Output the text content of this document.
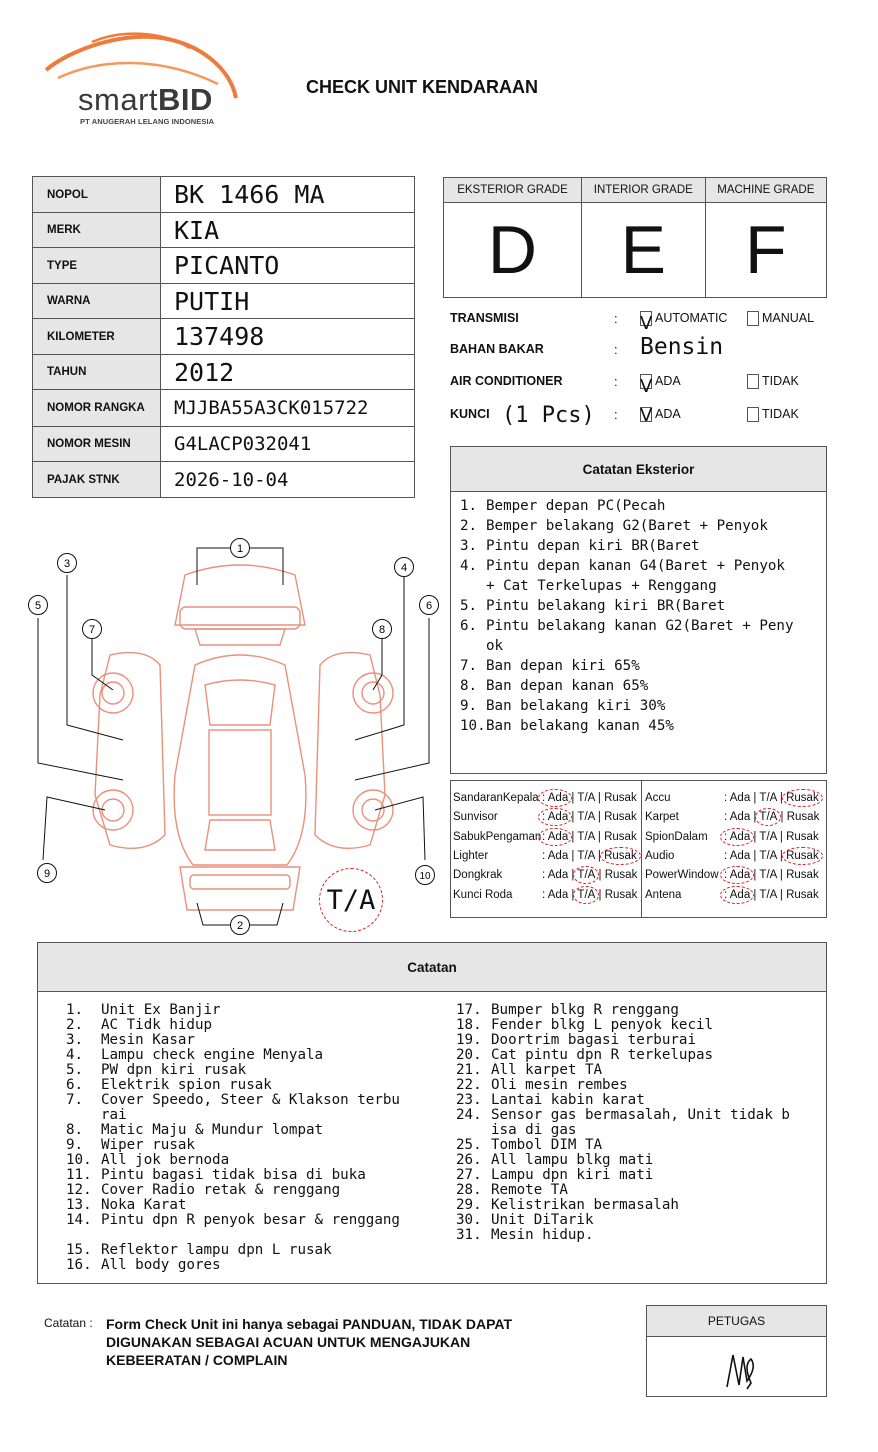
smartBID
PT ANUGERAH LELANG INDONESIA
CHECK UNIT KENDARAAN
NOPOL	BK 1466 MA
MERK	KIA
TYPE	PICANTO
WARNA	PUTIH
KILOMETER	137498
TAHUN	2012
NOMOR RANGKA	MJJBA55A3CK015722
NOMOR MESIN	G4LACP032041
PAJAK STNK	2026-10-04
EKSTERIOR GRADE	INTERIOR GRADE	MACHINE GRADE
D	E	F
TRANSMISI	: V AUTOMATIC	MANUAL
BAHAN BAKAR	: Bensin
AIR CONDITIONER	: V ADA	TIDAK
KUNCI (1 Pcs) : V ADA	TIDAK
Catatan Eksterior
1. Bemper depan PC(Pecah
2. Bemper belakang G2(Baret + Penyok
3. Pintu depan kiri BR(Baret
4. Pintu depan kanan G4(Baret + Penyok
+ Cat Terkelupas + Renggang
5. Pintu belakang kiri BR(Baret
6. Pintu belakang kanan G2(Baret + Peny
ok
7. Ban depan kiri 65%
8. Ban depan kanan 65%
9. Ban belakang kiri 30%
10. Ban belakang kanan 45%
SandaranKepala : Ada | T/A | Rusak
Sunvisor	: Ada | T/A | Rusak
SabukPengaman : Ada | T/A | Rusak
Lighter	: Ada | T/A | Rusak
Dongkrak	: Ada | T/A | Rusak
Kunci Roda	: Ada | T/A | Rusak
Accu	: Ada | T/A | Rusak
Karpet	: Ada | T/A | Rusak
SpionDalam : Ada | T/A | Rusak
Audio	: Ada | T/A | Rusak
PowerWindow : Ada | T/A | Rusak
Antena	: Ada | T/A | Rusak
1
2
3	4
5	6
7	8
9	10
T/A
Catatan
1.	Unit Ex Banjir
2.	AC Tidk hidup
3.	Mesin Kasar
4.	Lampu check engine Menyala
5.	PW dpn kiri rusak
6.	Elektrik spion rusak
7.	Cover Speedo, Steer & Klakson terbu
rai
8.	Matic Maju & Mundur lompat
9.	Wiper rusak
10. All jok bernoda
11. Pintu bagasi tidak bisa di buka
12. Cover Radio retak & renggang
13. Noka Karat
14. Pintu dpn R penyok besar & renggang
15. Reflektor lampu dpn L rusak
16. All body gores
17. Bumper blkg R renggang
18. Fender blkg L penyok kecil
19. Doortrim bagasi terburai
20. Cat pintu dpn R terkelupas
21. All karpet TA
22. Oli mesin rembes
23. Lantai kabin karat
24. Sensor gas bermasalah, Unit tidak b
isa di gas
25. Tombol DIM TA
26. All lampu blkg mati
27. Lampu dpn kiri mati
28. Remote TA
29. Kelistrikan bermasalah
30. Unit DiTarik
31. Mesin hidup.
Catatan : Form Check Unit ini hanya sebagai PANDUAN, TIDAK DAPAT DIGUNAKAN SEBAGAI ACUAN UNTUK MENGAJUKAN KEBEERATAN / COMPLAIN
PETUGAS
